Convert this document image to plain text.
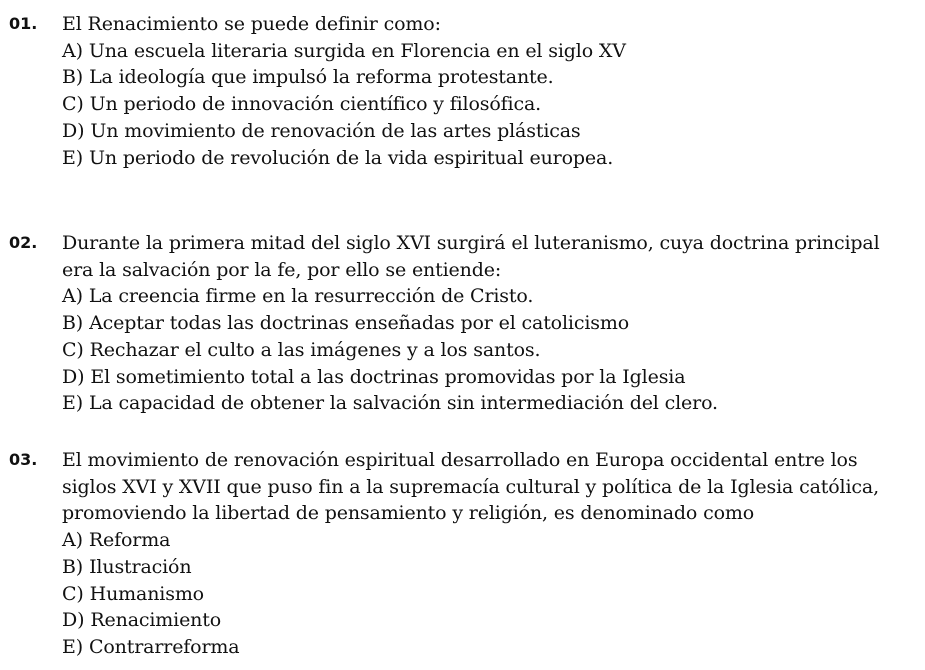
01. El Renacimiento se puede definir como:
A) Una escuela literaria surgida en Florencia en el siglo XV
B) La ideología que impulsó la reforma protestante.
C) Un periodo de innovación científico y filosófica.
D) Un movimiento de renovación de las artes plásticas
E) Un periodo de revolución de la vida espiritual europea.
02. Durante la primera mitad del siglo XVI surgirá el luteranismo, cuya doctrina principal era la salvación por la fe, por ello se entiende:
A) La creencia firme en la resurrección de Cristo.
B) Aceptar todas las doctrinas enseñadas por el catolicismo
C) Rechazar el culto a las imágenes y a los santos.
D) El sometimiento total a las doctrinas promovidas por la Iglesia
E) La capacidad de obtener la salvación sin intermediación del clero.
03. El movimiento de renovación espiritual desarrollado en Europa occidental entre los siglos XVI y XVII que puso fin a la supremacía cultural y política de la Iglesia católica, promoviendo la libertad de pensamiento y religión, es denominado como
A) Reforma
B) Ilustración
C) Humanismo
D) Renacimiento
E) Contrarreforma
